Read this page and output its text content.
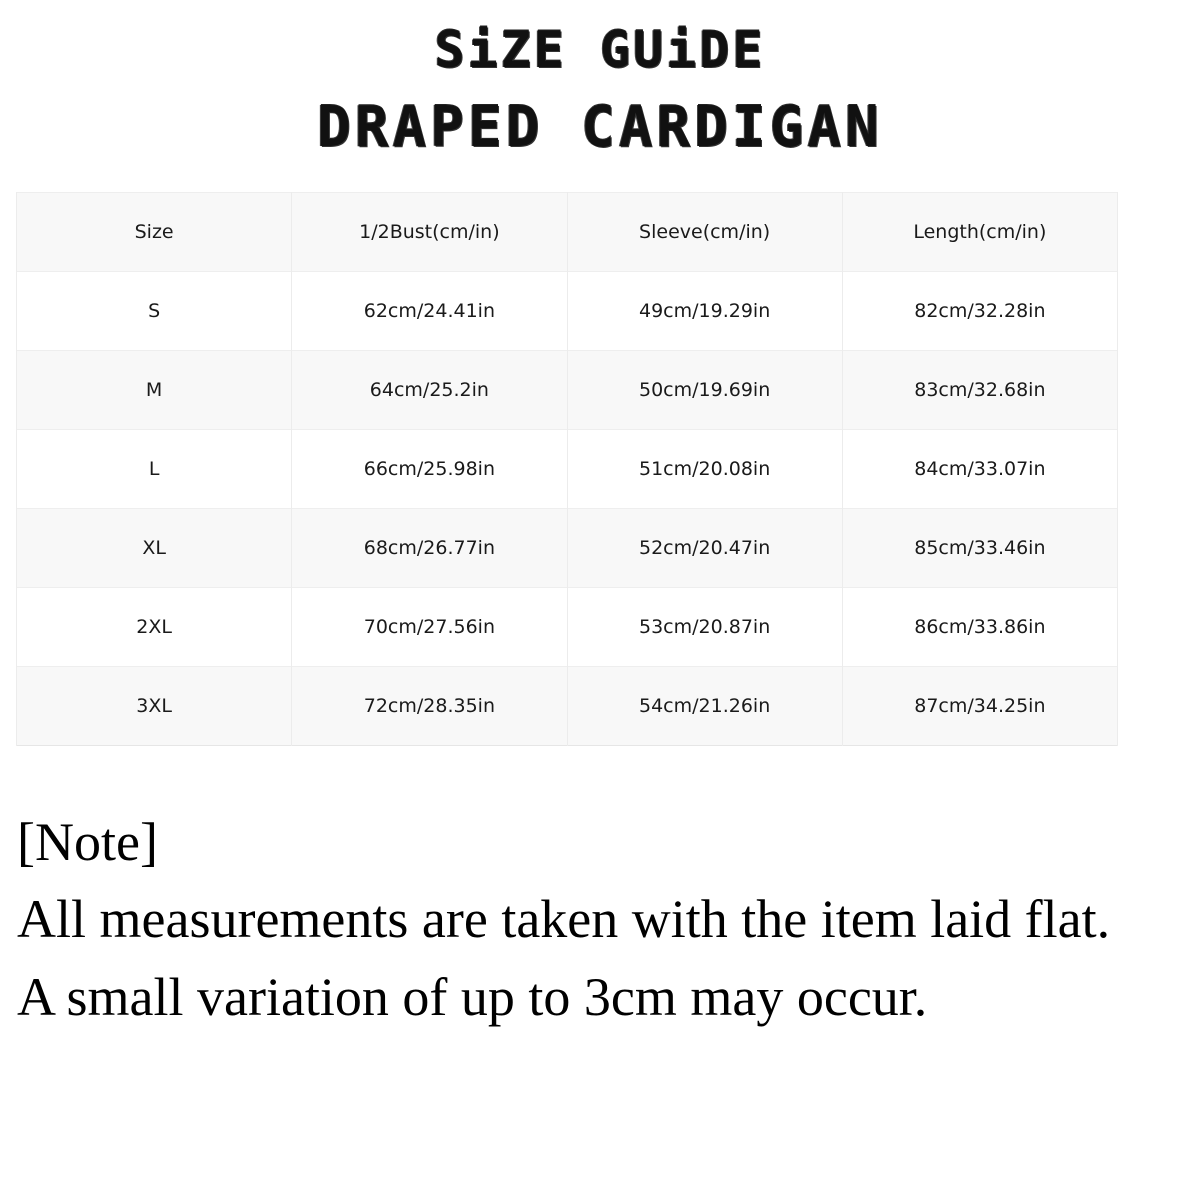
SiZE GUiDE
DRAPED CARDIGAN
Size	1/2Bust(cm/in)	Sleeve(cm/in)	Length(cm/in)
S	62cm/24.41in	49cm/19.29in	82cm/32.28in
M	64cm/25.2in	50cm/19.69in	83cm/32.68in
L	66cm/25.98in	51cm/20.08in	84cm/33.07in
XL	68cm/26.77in	52cm/20.47in	85cm/33.46in
2XL	70cm/27.56in	53cm/20.87in	86cm/33.86in
3XL	72cm/28.35in	54cm/21.26in	87cm/34.25in
[Note]
All measurements are taken with the item laid flat.
A small variation of up to 3cm may occur.
